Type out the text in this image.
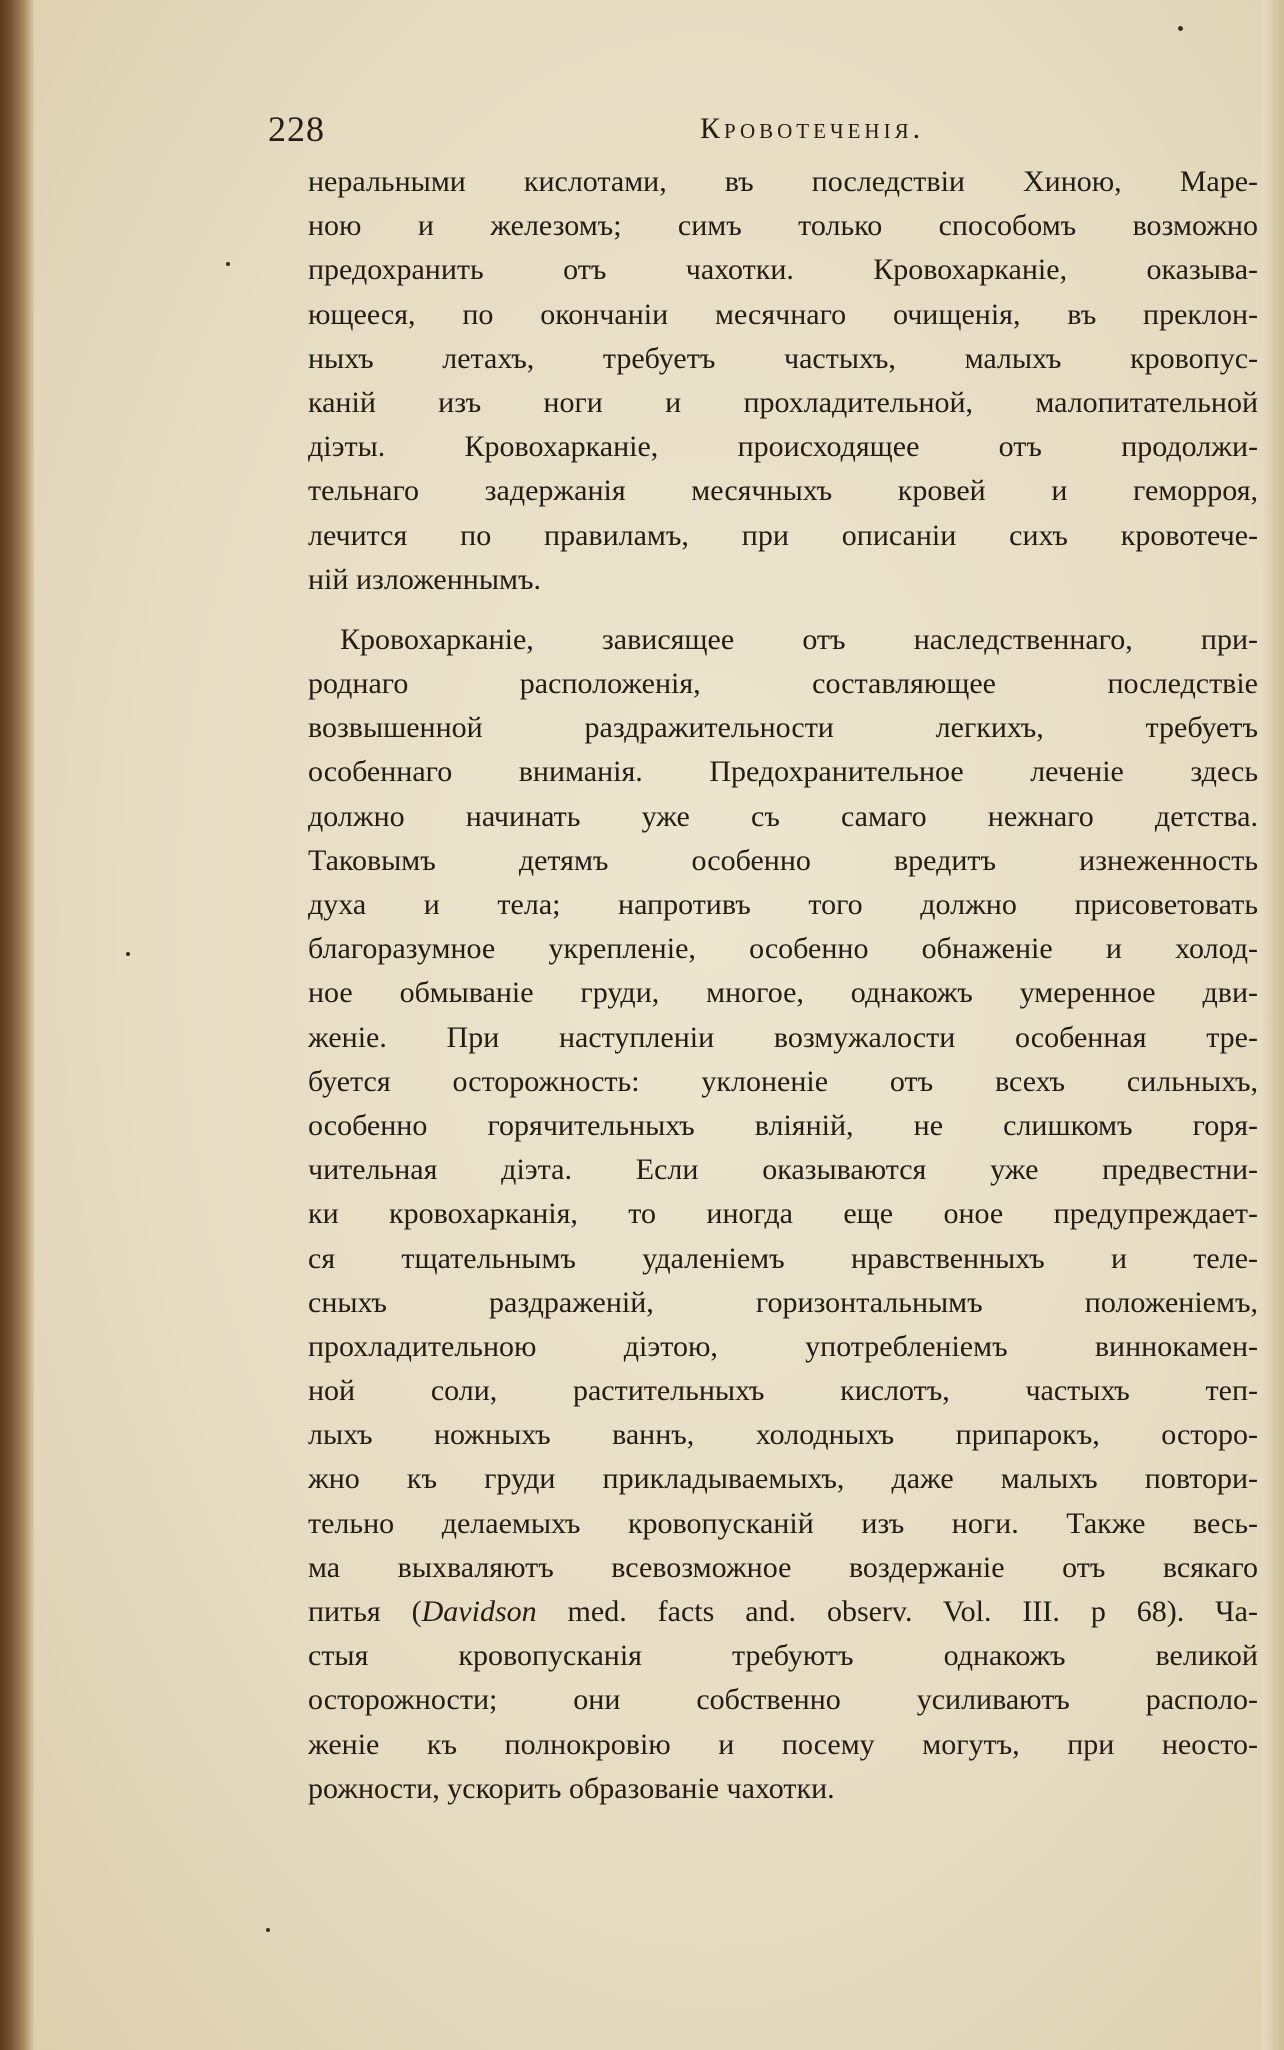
228	Кровотеченія.
неральными кислотами, въ последствіи Хиною, Маре-
ною и железомъ; симъ только способомъ возможно
предохранить отъ чахотки. Кровохарканіе, оказыва-
ющееся, по окончаніи месячнаго очищенія, въ преклон-
ныхъ летахъ, требуетъ частыхъ, малыхъ кровопус-
каній изъ ноги и прохладительной, малопитательной
діэты. Кровохарканіе, происходящее отъ продолжи-
тельнаго задержанія месячныхъ кровей и геморроя,
лечится по правиламъ, при описаніи сихъ кровотече-
ній изложеннымъ.
Кровохарканіе, зависящее отъ наследственнаго, при-
роднаго расположенія, составляющее последствіе
возвышенной раздражительности легкихъ, требуетъ
особеннаго вниманія. Предохранительное леченіе здесь
должно начинать уже съ самаго нежнаго детства.
Таковымъ детямъ особенно вредитъ изнеженность
духа и тела; напротивъ того должно присоветовать
благоразумное укрепленіе, особенно обнаженіе и холод-
ное обмываніе груди, многое, однакожъ умеренное дви-
женіе. При наступленіи возмужалости особенная тре-
буется осторожность: уклоненіе отъ всехъ сильныхъ,
особенно горячительныхъ вліяній, не слишкомъ горя-
чительная діэта. Если оказываются уже предвестни-
ки кровохарканія, то иногда еще оное предупреждает-
ся тщательнымъ удаленіемъ нравственныхъ и теле-
сныхъ раздраженій, горизонтальнымъ положеніемъ,
прохладительною діэтою, употребленіемъ виннокамен-
ной соли, растительныхъ кислотъ, частыхъ теп-
лыхъ ножныхъ ваннъ, холодныхъ припарокъ, осторо-
жно къ груди прикладываемыхъ, даже малыхъ повтори-
тельно делаемыхъ кровопусканій изъ ноги. Также весь-
ма выхваляютъ всевозможное воздержаніе отъ всякаго
питья (Davidson med. facts and. observ. Vol. III. p 68). Ча-
стыя кровопусканія требуютъ однакожъ великой
осторожности; они собственно усиливаютъ располо-
женіе къ полнокровію и посему могутъ, при неосто-
рожности, ускорить образованіе чахотки.
